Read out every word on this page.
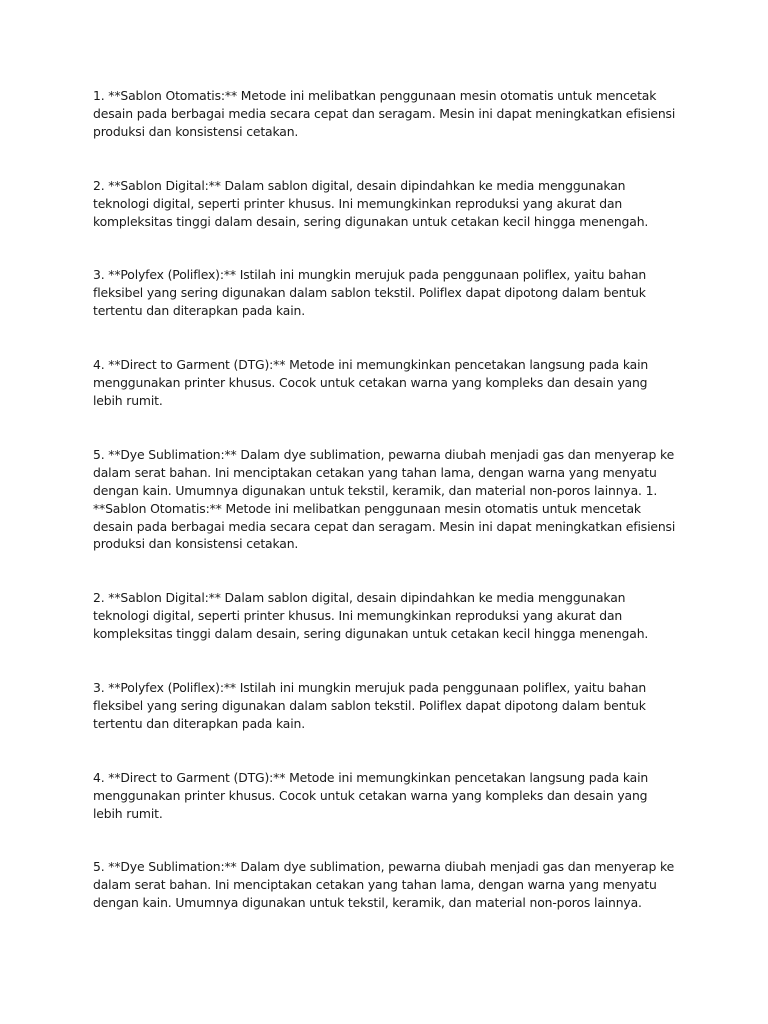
1. **Sablon Otomatis:** Metode ini melibatkan penggunaan mesin otomatis untuk mencetak desain pada berbagai media secara cepat dan seragam. Mesin ini dapat meningkatkan efisiensi produksi dan konsistensi cetakan.

2. **Sablon Digital:** Dalam sablon digital, desain dipindahkan ke media menggunakan teknologi digital, seperti printer khusus. Ini memungkinkan reproduksi yang akurat dan kompleksitas tinggi dalam desain, sering digunakan untuk cetakan kecil hingga menengah.

3. **Polyfex (Poliflex):** Istilah ini mungkin merujuk pada penggunaan poliflex, yaitu bahan fleksibel yang sering digunakan dalam sablon tekstil. Poliflex dapat dipotong dalam bentuk tertentu dan diterapkan pada kain.

4. **Direct to Garment (DTG):** Metode ini memungkinkan pencetakan langsung pada kain menggunakan printer khusus. Cocok untuk cetakan warna yang kompleks dan desain yang lebih rumit.

5. **Dye Sublimation:** Dalam dye sublimation, pewarna diubah menjadi gas dan menyerap ke dalam serat bahan. Ini menciptakan cetakan yang tahan lama, dengan warna yang menyatu dengan kain. Umumnya digunakan untuk tekstil, keramik, dan material non-poros lainnya. 1. **Sablon Otomatis:** Metode ini melibatkan penggunaan mesin otomatis untuk mencetak desain pada berbagai media secara cepat dan seragam. Mesin ini dapat meningkatkan efisiensi produksi dan konsistensi cetakan.

2. **Sablon Digital:** Dalam sablon digital, desain dipindahkan ke media menggunakan teknologi digital, seperti printer khusus. Ini memungkinkan reproduksi yang akurat dan kompleksitas tinggi dalam desain, sering digunakan untuk cetakan kecil hingga menengah.

3. **Polyfex (Poliflex):** Istilah ini mungkin merujuk pada penggunaan poliflex, yaitu bahan fleksibel yang sering digunakan dalam sablon tekstil. Poliflex dapat dipotong dalam bentuk tertentu dan diterapkan pada kain.

4. **Direct to Garment (DTG):** Metode ini memungkinkan pencetakan langsung pada kain menggunakan printer khusus. Cocok untuk cetakan warna yang kompleks dan desain yang lebih rumit.

5. **Dye Sublimation:** Dalam dye sublimation, pewarna diubah menjadi gas dan menyerap ke dalam serat bahan. Ini menciptakan cetakan yang tahan lama, dengan warna yang menyatu dengan kain. Umumnya digunakan untuk tekstil, keramik, dan material non-poros lainnya.
